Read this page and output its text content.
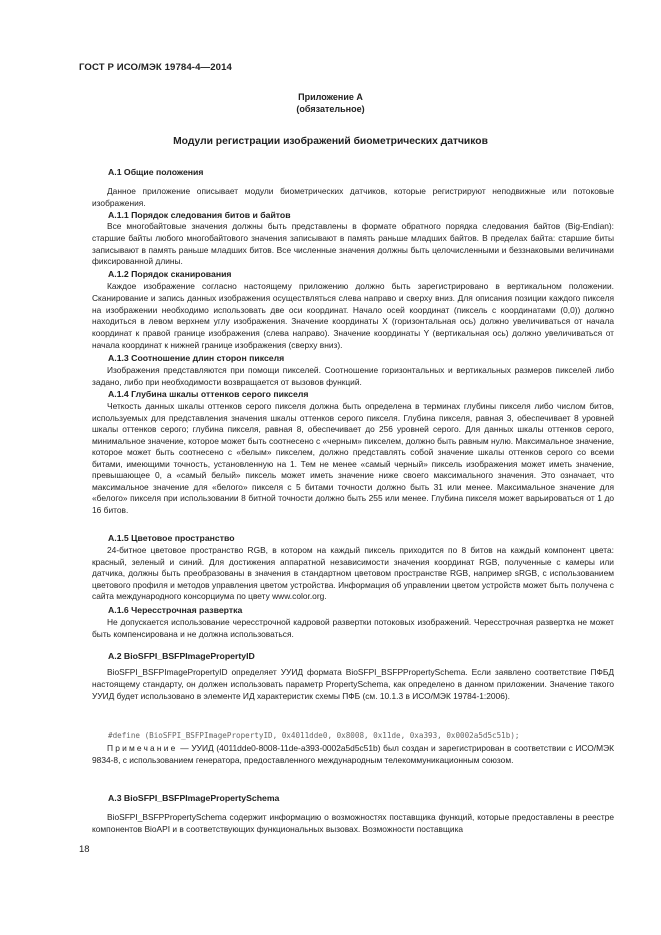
ГОСТ Р ИСО/МЭК 19784-4—2014
Приложение А
(обязательное)
Модули регистрации изображений биометрических датчиков
А.1 Общие положения
Данное приложение описывает модули биометрических датчиков, которые регистрируют неподвижные или потоковые изображения.
А.1.1 Порядок следования битов и байтов
Все многобайтовые значения должны быть представлены в формате обратного порядка следования байтов (Big-Endian): старшие байты любого многобайтового значения записывают в память раньше младших байтов. В пределах байта: старшие биты записывают в память раньше младших битов. Все численные значения должны быть целочисленными и беззнаковыми величинами фиксированной длины.
А.1.2 Порядок сканирования
Каждое изображение согласно настоящему приложению должно быть зарегистрировано в вертикальном положении. Сканирование и запись данных изображения осуществляться слева направо и сверху вниз. Для описания позиции каждого пикселя на изображении необходимо использовать две оси координат. Начало осей координат (пиксель с координатами (0,0)) должно находиться в левом верхнем углу изображения. Значение координаты X (горизонтальная ось) должно увеличиваться от начала координат к правой границе изображения (слева направо). Значение координаты Y (вертикальная ось) должно увеличиваться от начала координат к нижней границе изображения (сверху вниз).
А.1.3 Соотношение длин сторон пикселя
Изображения представляются при помощи пикселей. Соотношение горизонтальных и вертикальных размеров пикселей либо задано, либо при необходимости возвращается от вызовов функций.
А.1.4 Глубина шкалы оттенков серого пикселя
Четкость данных шкалы оттенков серого пикселя должна быть определена в терминах глубины пикселя либо числом битов, используемых для представления значения шкалы оттенков серого пикселя. Глубина пикселя, равная 3, обеспечивает 8 уровней шкалы оттенков серого; глубина пикселя, равная 8, обеспечивает до 256 уровней серого. Для данных шкалы оттенков серого, минимальное значение, которое может быть соотнесено с «черным» пикселем, должно быть равным нулю. Максимальное значение, которое может быть соотнесено с «белым» пикселем, должно представлять собой значение шкалы оттенков серого со всеми битами, имеющими точность, установленную на 1. Тем не менее «самый черный» пиксель изображения может иметь значение, превышающее 0, а «самый белый» пиксель может иметь значение ниже своего максимального значения. Это означает, что максимальное значение для «белого» пикселя с 5 битами точности должно быть 31 или менее. Максимальное значение для «белого» пикселя при использовании 8 битной точности должно быть 255 или менее. Глубина пикселя может варьироваться от 1 до 16 битов.
А.1.5 Цветовое пространство
24-битное цветовое пространство RGB, в котором на каждый пиксель приходится по 8 битов на каждый компонент цвета: красный, зеленый и синий. Для достижения аппаратной независимости значения координат RGB, полученные с камеры или датчика, должны быть преобразованы в значения в стандартном цветовом пространстве RGB, например sRGB, с использованием цветового профиля и методов управления цветом устройства. Информация об управлении цветом устройств может быть получена с сайта международного консорциума по цвету www.color.org.
А.1.6 Чересстрочная развертка
Не допускается использование чересстрочной кадровой развертки потоковых изображений. Чересстрочная развертка не может быть компенсирована и не должна использоваться.
А.2 BioSFPI_BSFPImagePropertyID
BioSFPI_BSFPImagePropertyID определяет УУИД формата BioSFPI_BSFPPropertySchema. Если заявлено соответствие ПФБД настоящему стандарту, он должен использовать параметр PropertySchema, как определено в данном приложении. Значение такого УУИД будет использовано в элементе ИД характеристик схемы ПФБ (см. 10.1.3 в ИСО/МЭК 19784-1:2006).
#define (BioSFPI_BSFPImagePropertyID, 0x4011dde0, 0x8008, 0x11de, 0xa393, 0x0002a5d5c51b);
Примечание — УУИД (4011dde0-8008-11de-a393-0002a5d5c51b) был создан и зарегистрирован в соответствии с ИСО/МЭК 9834-8, с использованием генератора, предоставленного международным телекоммуникационным союзом.
А.3 BioSFPI_BSFPImagePropertySchema
BioSFPI_BSFPPropertySchema содержит информацию о возможностях поставщика функций, которые предоставлены в реестре компонентов BioAPI и в соответствующих функциональных вызовах. Возможности поставщика
18
